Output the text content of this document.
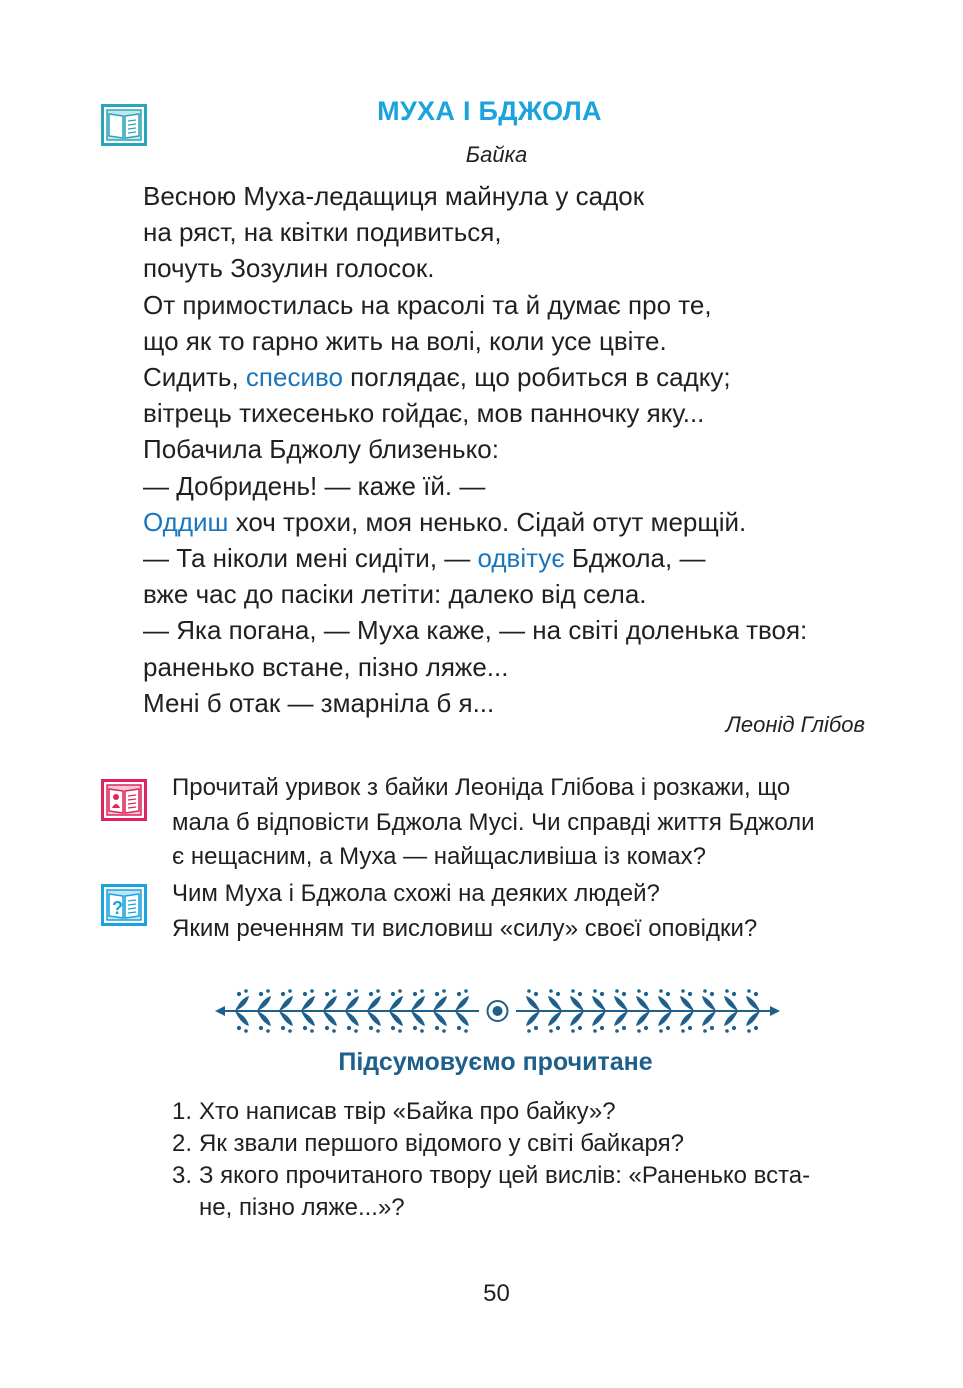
МУХА І БДЖОЛА
Байка
Весною Муха-ледащиця майнула у садок
на ряст, на квітки подивиться,
почуть Зозулин голосок.
От примостилась на красолі та й думає про те,
що як то гарно жить на волі, коли усе цвіте.
Сидить, спесиво поглядає, що робиться в садку;
вітрець тихесенько гойдає, мов панночку яку...
Побачила Бджолу близенько:
— Добридень! — каже їй. —
Оддиш хоч трохи, моя ненько. Сідай отут мерщій.
— Та ніколи мені сидіти, — одвітує Бджола, —
вже час до пасіки летіти: далеко від села.
— Яка погана, — Муха каже, — на світі доленька твоя:
раненько встане, пізно ляже...
Мені б отак — змарніла б я...
Леонід Глібов
Прочитай уривок з байки Леоніда Глібова і розкажи, що
мала б відповісти Бджола Мусі. Чи справді життя Бджоли
є нещасним, а Муха — найщасливіша із комах?
?
Чим Муха і Бджола схожі на деяких людей?
Яким реченням ти висловиш «силу» своєї оповідки?
Підсумовуємо прочитане
1. Хто написав твір «Байка про байку»?
2. Як звали першого відомого у світі байкаря?
3. З якого прочитаного твору цей вислів: «Раненько вста-
не, пізно ляже...»?
50
